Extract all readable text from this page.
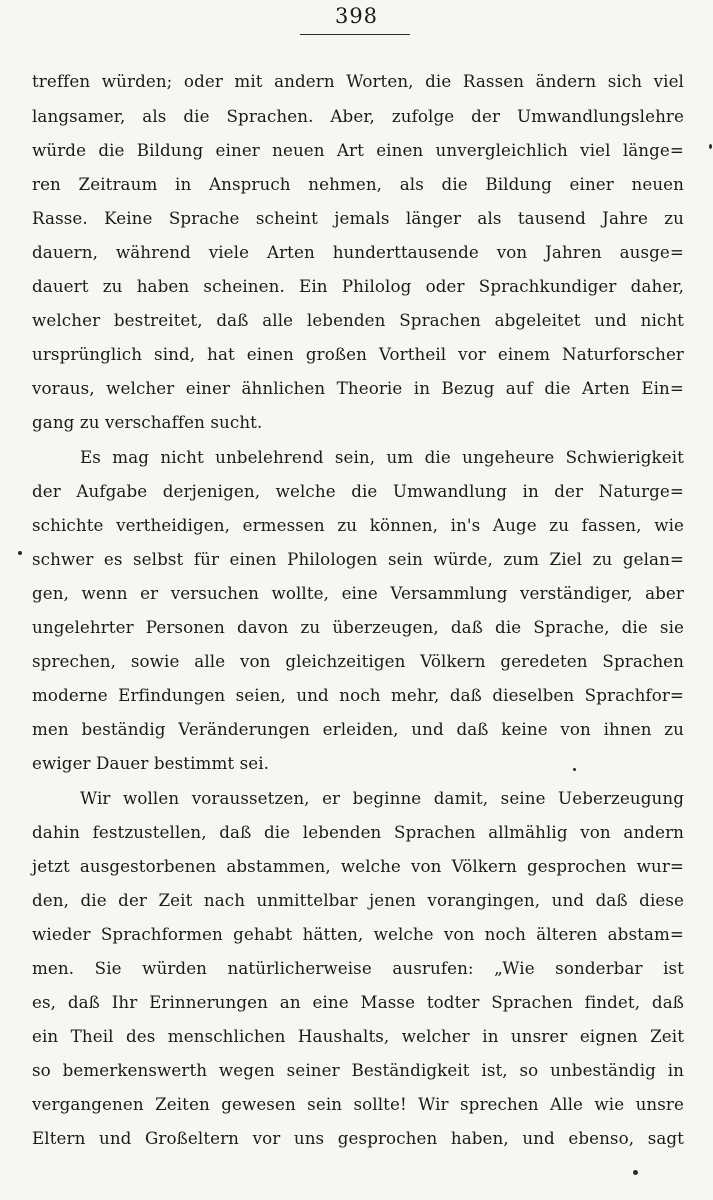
398
treffen würden; oder mit andern Worten, die Rassen ändern sich viel
langsamer, als die Sprachen. Aber, zufolge der Umwandlungslehre
würde die Bildung einer neuen Art einen unvergleichlich viel länge=
ren Zeitraum in Anspruch nehmen, als die Bildung einer neuen
Rasse. Keine Sprache scheint jemals länger als tausend Jahre zu
dauern, während viele Arten hunderttausende von Jahren ausge=
dauert zu haben scheinen. Ein Philolog oder Sprachkundiger daher,
welcher bestreitet, daß alle lebenden Sprachen abgeleitet und nicht
ursprünglich sind, hat einen großen Vortheil vor einem Naturforscher
voraus, welcher einer ähnlichen Theorie in Bezug auf die Arten Ein=
gang zu verschaffen sucht.
Es mag nicht unbelehrend sein, um die ungeheure Schwierigkeit
der Aufgabe derjenigen, welche die Umwandlung in der Naturge=
schichte vertheidigen, ermessen zu können, in's Auge zu fassen, wie
schwer es selbst für einen Philologen sein würde, zum Ziel zu gelan=
gen, wenn er versuchen wollte, eine Versammlung verständiger, aber
ungelehrter Personen davon zu überzeugen, daß die Sprache, die sie
sprechen, sowie alle von gleichzeitigen Völkern geredeten Sprachen
moderne Erfindungen seien, und noch mehr, daß dieselben Sprachfor=
men beständig Veränderungen erleiden, und daß keine von ihnen zu
ewiger Dauer bestimmt sei.
Wir wollen voraussetzen, er beginne damit, seine Ueberzeugung
dahin festzustellen, daß die lebenden Sprachen allmählig von andern
jetzt ausgestorbenen abstammen, welche von Völkern gesprochen wur=
den, die der Zeit nach unmittelbar jenen vorangingen, und daß diese
wieder Sprachformen gehabt hätten, welche von noch älteren abstam=
men. Sie würden natürlicherweise ausrufen: „Wie sonderbar ist
es, daß Ihr Erinnerungen an eine Masse todter Sprachen findet, daß
ein Theil des menschlichen Haushalts, welcher in unsrer eignen Zeit
so bemerkenswerth wegen seiner Beständigkeit ist, so unbeständig in
vergangenen Zeiten gewesen sein sollte! Wir sprechen Alle wie unsre
Eltern und Großeltern vor uns gesprochen haben, und ebenso, sagt
